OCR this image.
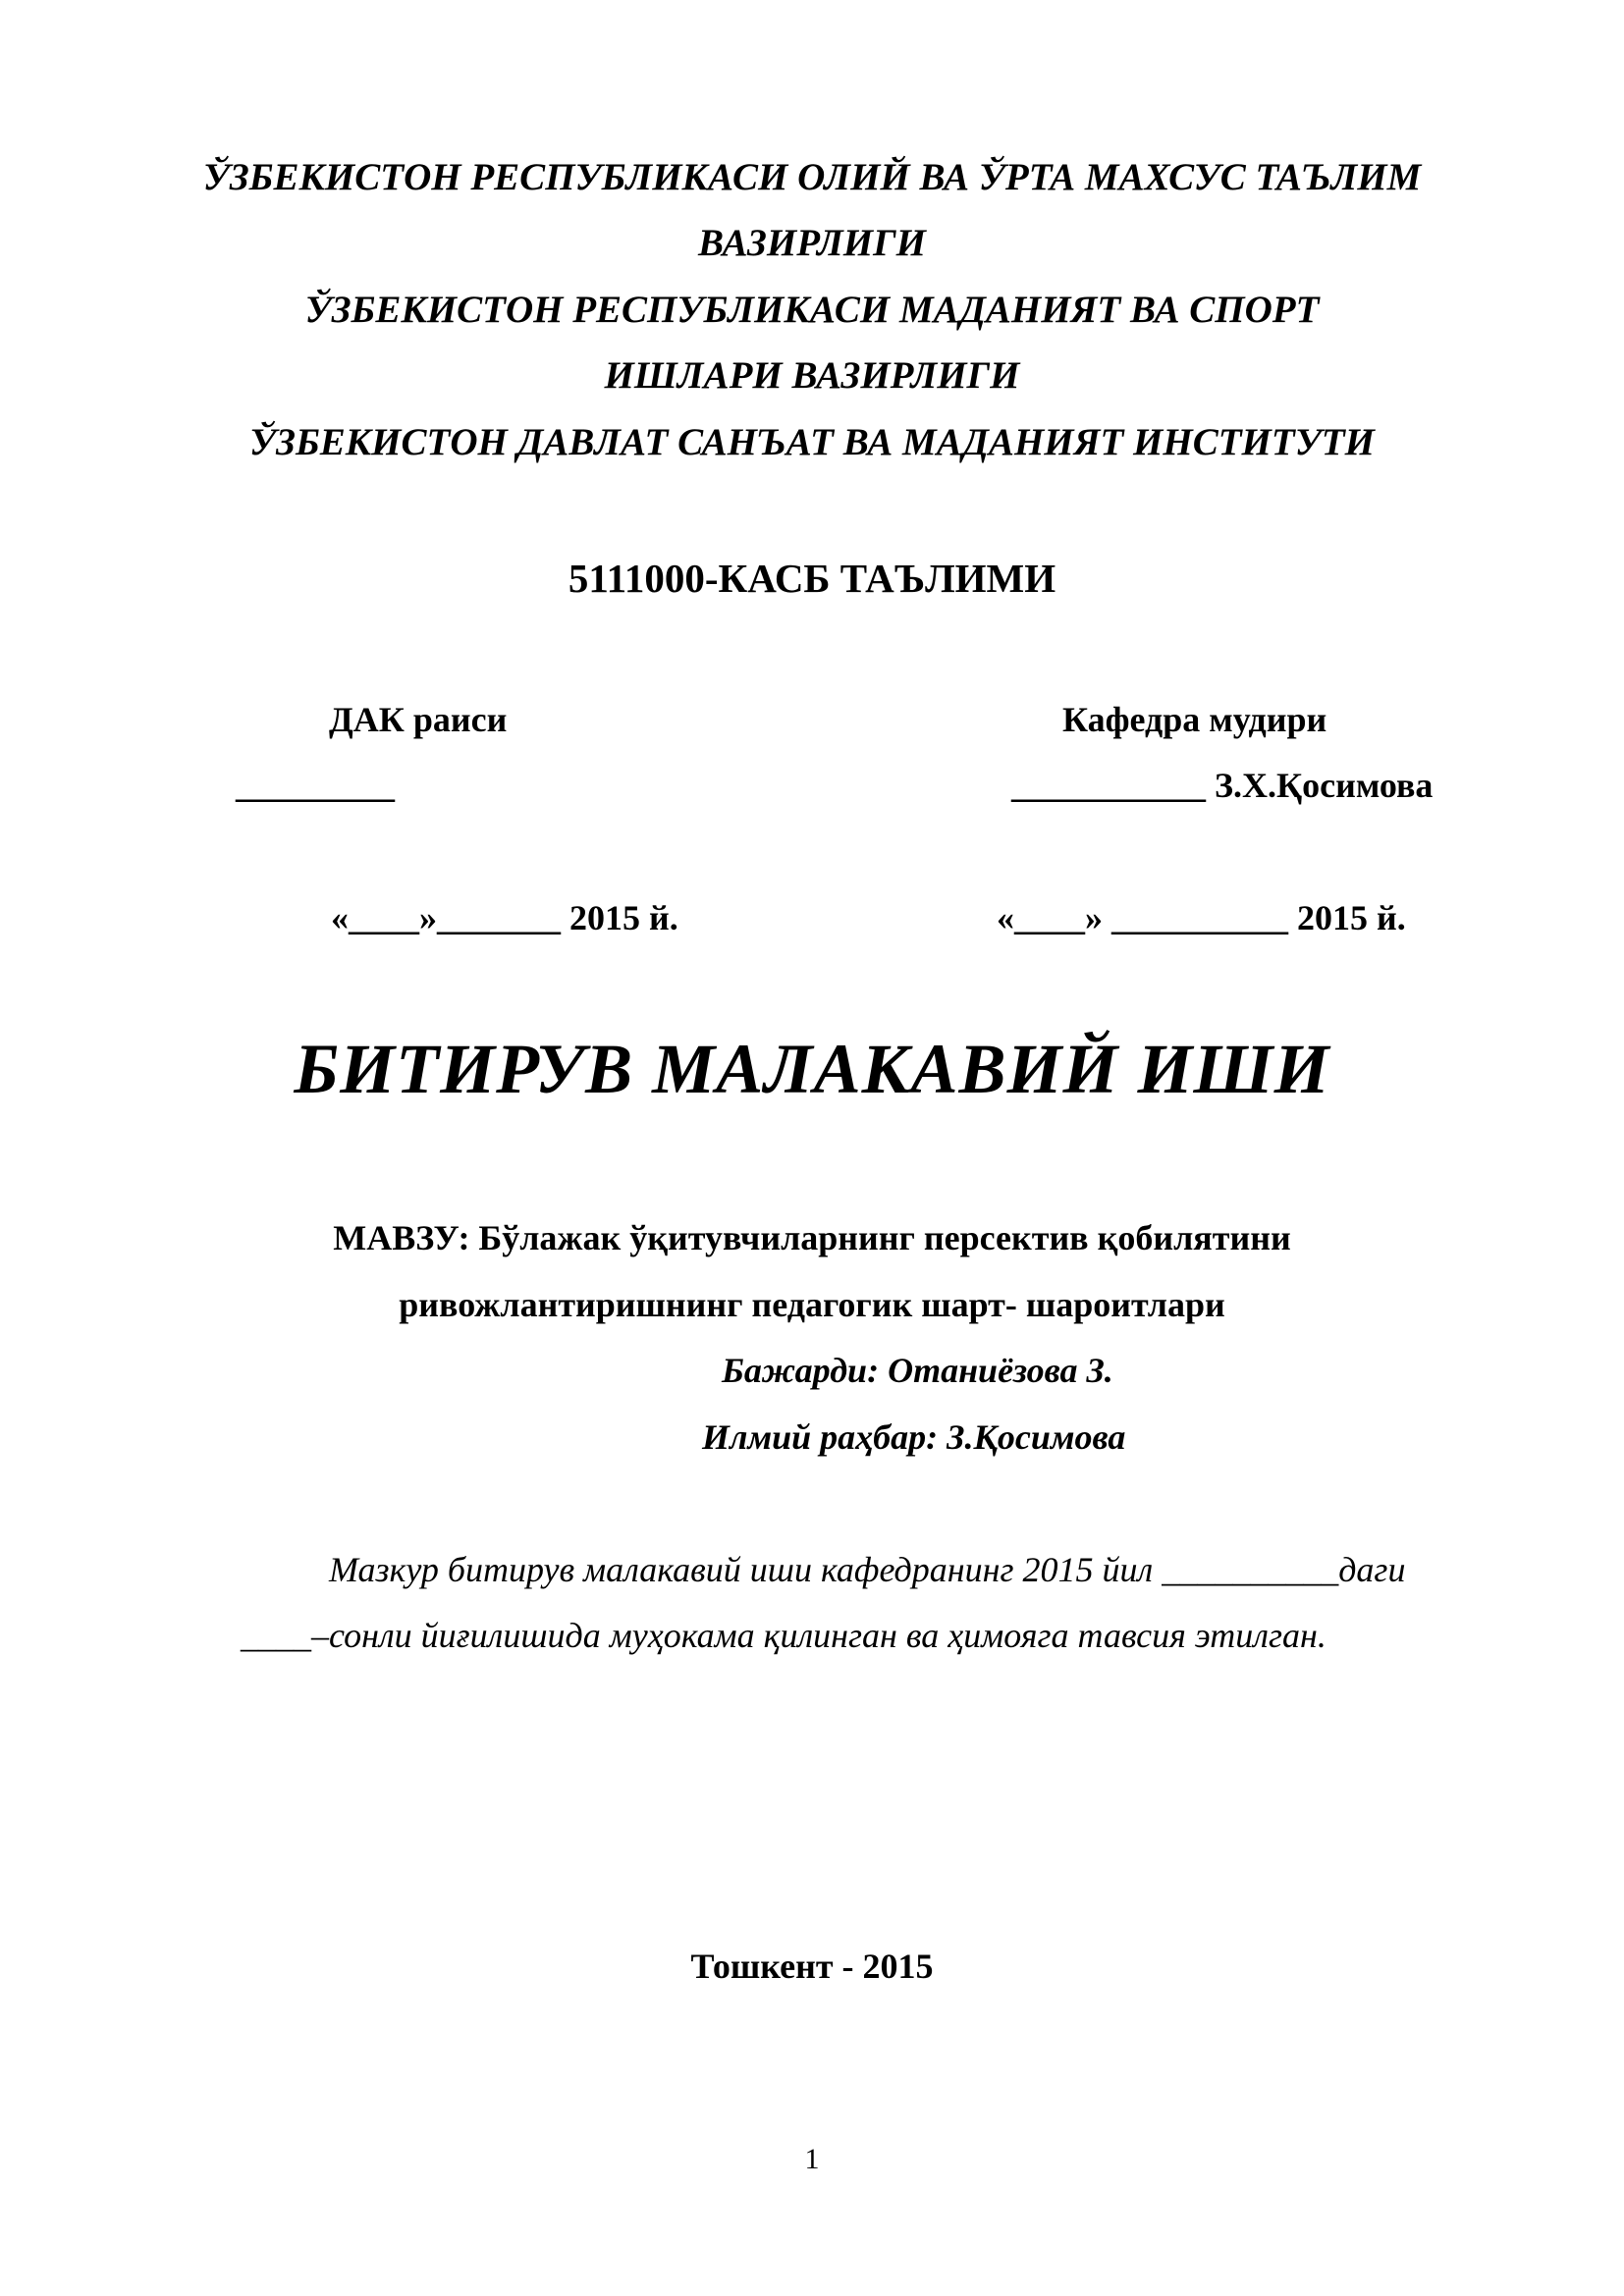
ЎЗБЕКИСТОН РЕСПУБЛИКАСИ ОЛИЙ ВА ЎРТА МАХСУС ТАЪЛИМ
ВАЗИРЛИГИ
ЎЗБЕКИСТОН РЕСПУБЛИКАСИ МАДАНИЯТ ВА СПОРТ
ИШЛАРИ ВАЗИРЛИГИ
ЎЗБЕКИСТОН ДАВЛАТ САНЪАТ ВА МАДАНИЯТ ИНСТИТУТИ
5111000-КАСБ ТАЪЛИМИ
ДАК раиси	Кафедра мудири
_________	___________ З.Х.Қосимова
«____»_______ 2015 й.	«____» __________ 2015 й.
БИТИРУВ МАЛАКАВИЙ ИШИ
МАВЗУ: Бўлажак ўқитувчиларнинг персектив қобилятини
ривожлантиришнинг педагогик шарт- шароитлари
Бажарди: Отаниёзова З.
Илмий раҳбар: З.Қосимова
Мазкур битирув малакавий иши кафедранинг 2015 йил __________даги
____–сонли йиғилишида муҳокама қилинган ва ҳимояга тавсия этилган.
Тошкент - 2015
1
